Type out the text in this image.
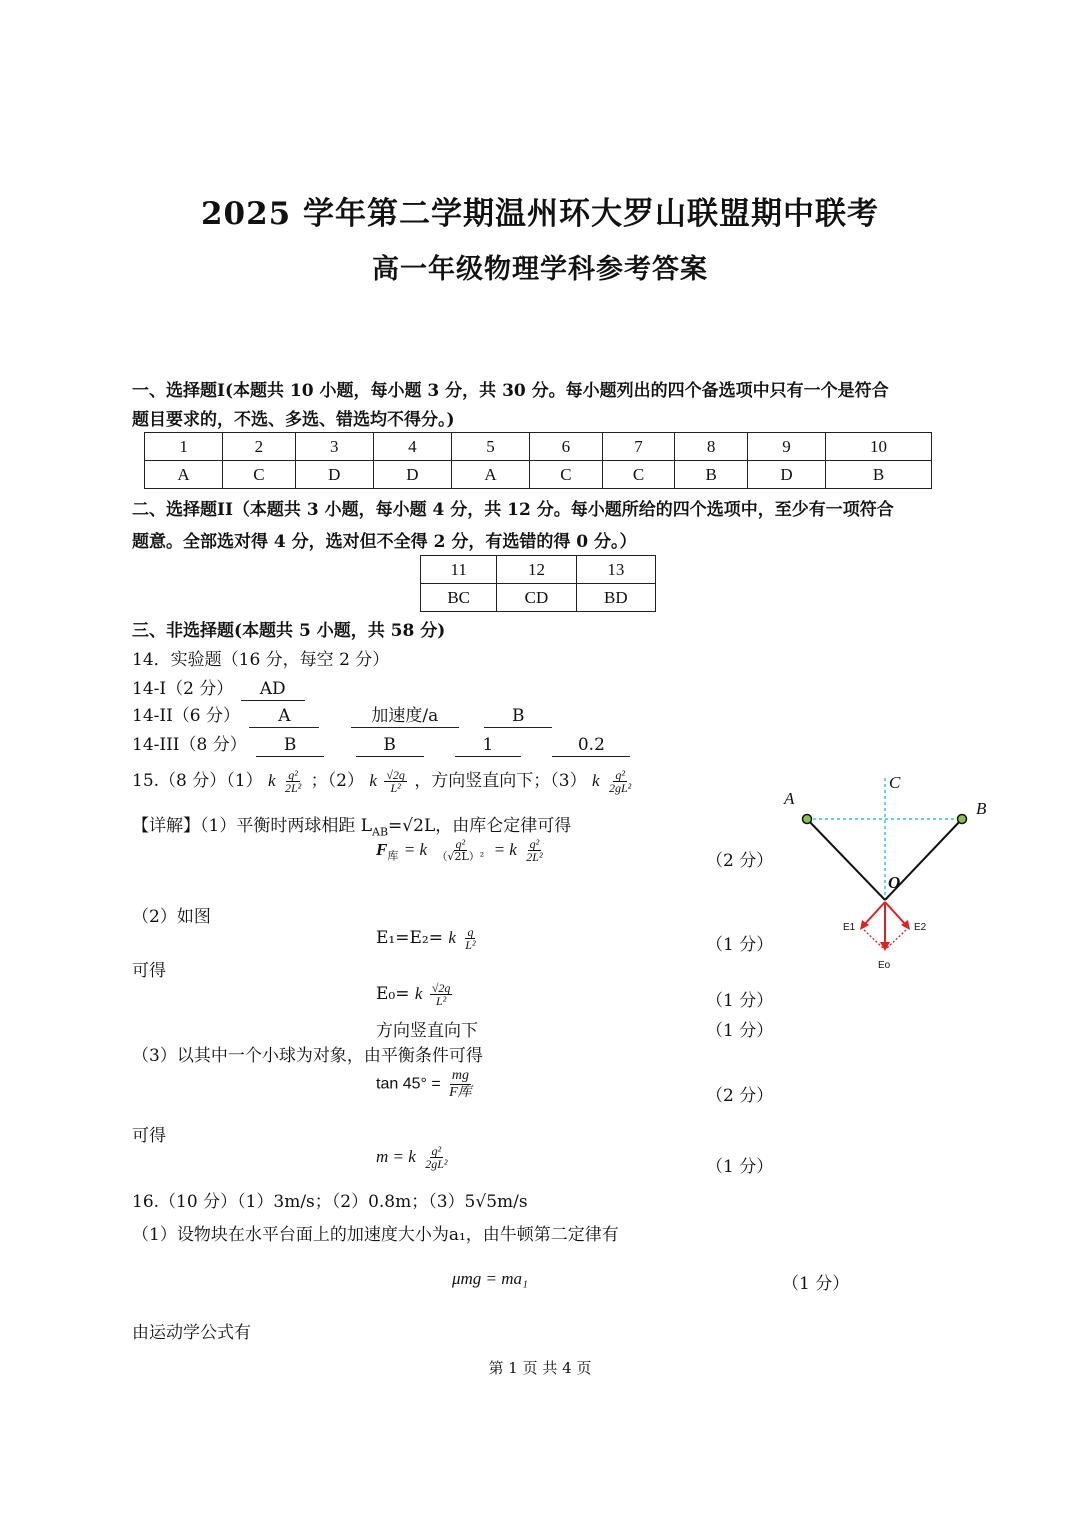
2025 学年第二学期温州环大罗山联盟期中联考
高一年级物理学科参考答案
一、选择题I(本题共 10 小题，每小题 3 分，共 30 分。每小题列出的四个备选项中只有一个是符合
题目要求的，不选、多选、错选均不得分。)
1	2	3	4	5	6	7	8	9	10
A	C	D	D	A	C	C	B	D	B
二、选择题II（本题共 3 小题，每小题 4 分，共 12 分。每小题所给的四个选项中，至少有一项符合
题意。全部选对得 4 分，选对但不全得 2 分，有选错的得 0 分。）
11	12	13
BC	CD	BD
三、非选择题(本题共 5 小题，共 58 分)
14．实验题（16 分，每空 2 分）
14-I（2 分） AD
14-II（6 分） A	加速度/a	B
14-III（8 分） B	B	1	0.2
15.（8 分）（1） k $\frac{\text{q²}}{\text{2L²}}$ ；（2） k $\frac{√2q}{\text{L²}}$ ，方向竖直向下；（3） k $\frac{\text{q²}}{\text{2gL²}}$
【详解】（1）平衡时两球相距 $L_{AB}=√2L$，由库仑定律可得
$F_库 = k \frac{\text{q²}}{\text{（√2L）²}} = k \frac{\text{q²}}{\text{2L²}}$	（2 分）
（2）如图
E₁=E₂= k $\frac{q}{\text{L²}}$	（1 分）
可得
E₀= k $\frac{√2q}{\text{L²}}$	（1 分）
方向竖直向下	（1 分）
（3）以其中一个小球为对象，由平衡条件可得
$\tan 45^\circ = \frac{mg}{\text{F库}}$	（2 分）
可得
m = k $\frac{\text{q²}}{\text{2gL²}}$	（1 分）
A
B
C
O
E1	E2
Eo
16.（10 分）（1）3m/s；（2）0.8m；（3）5√5m/s
（1）设物块在水平台面上的加速度大小为a₁，由牛顿第二定律有
μmg = ma₁	（1 分）
由运动学公式有
第 1 页 共 4 页
